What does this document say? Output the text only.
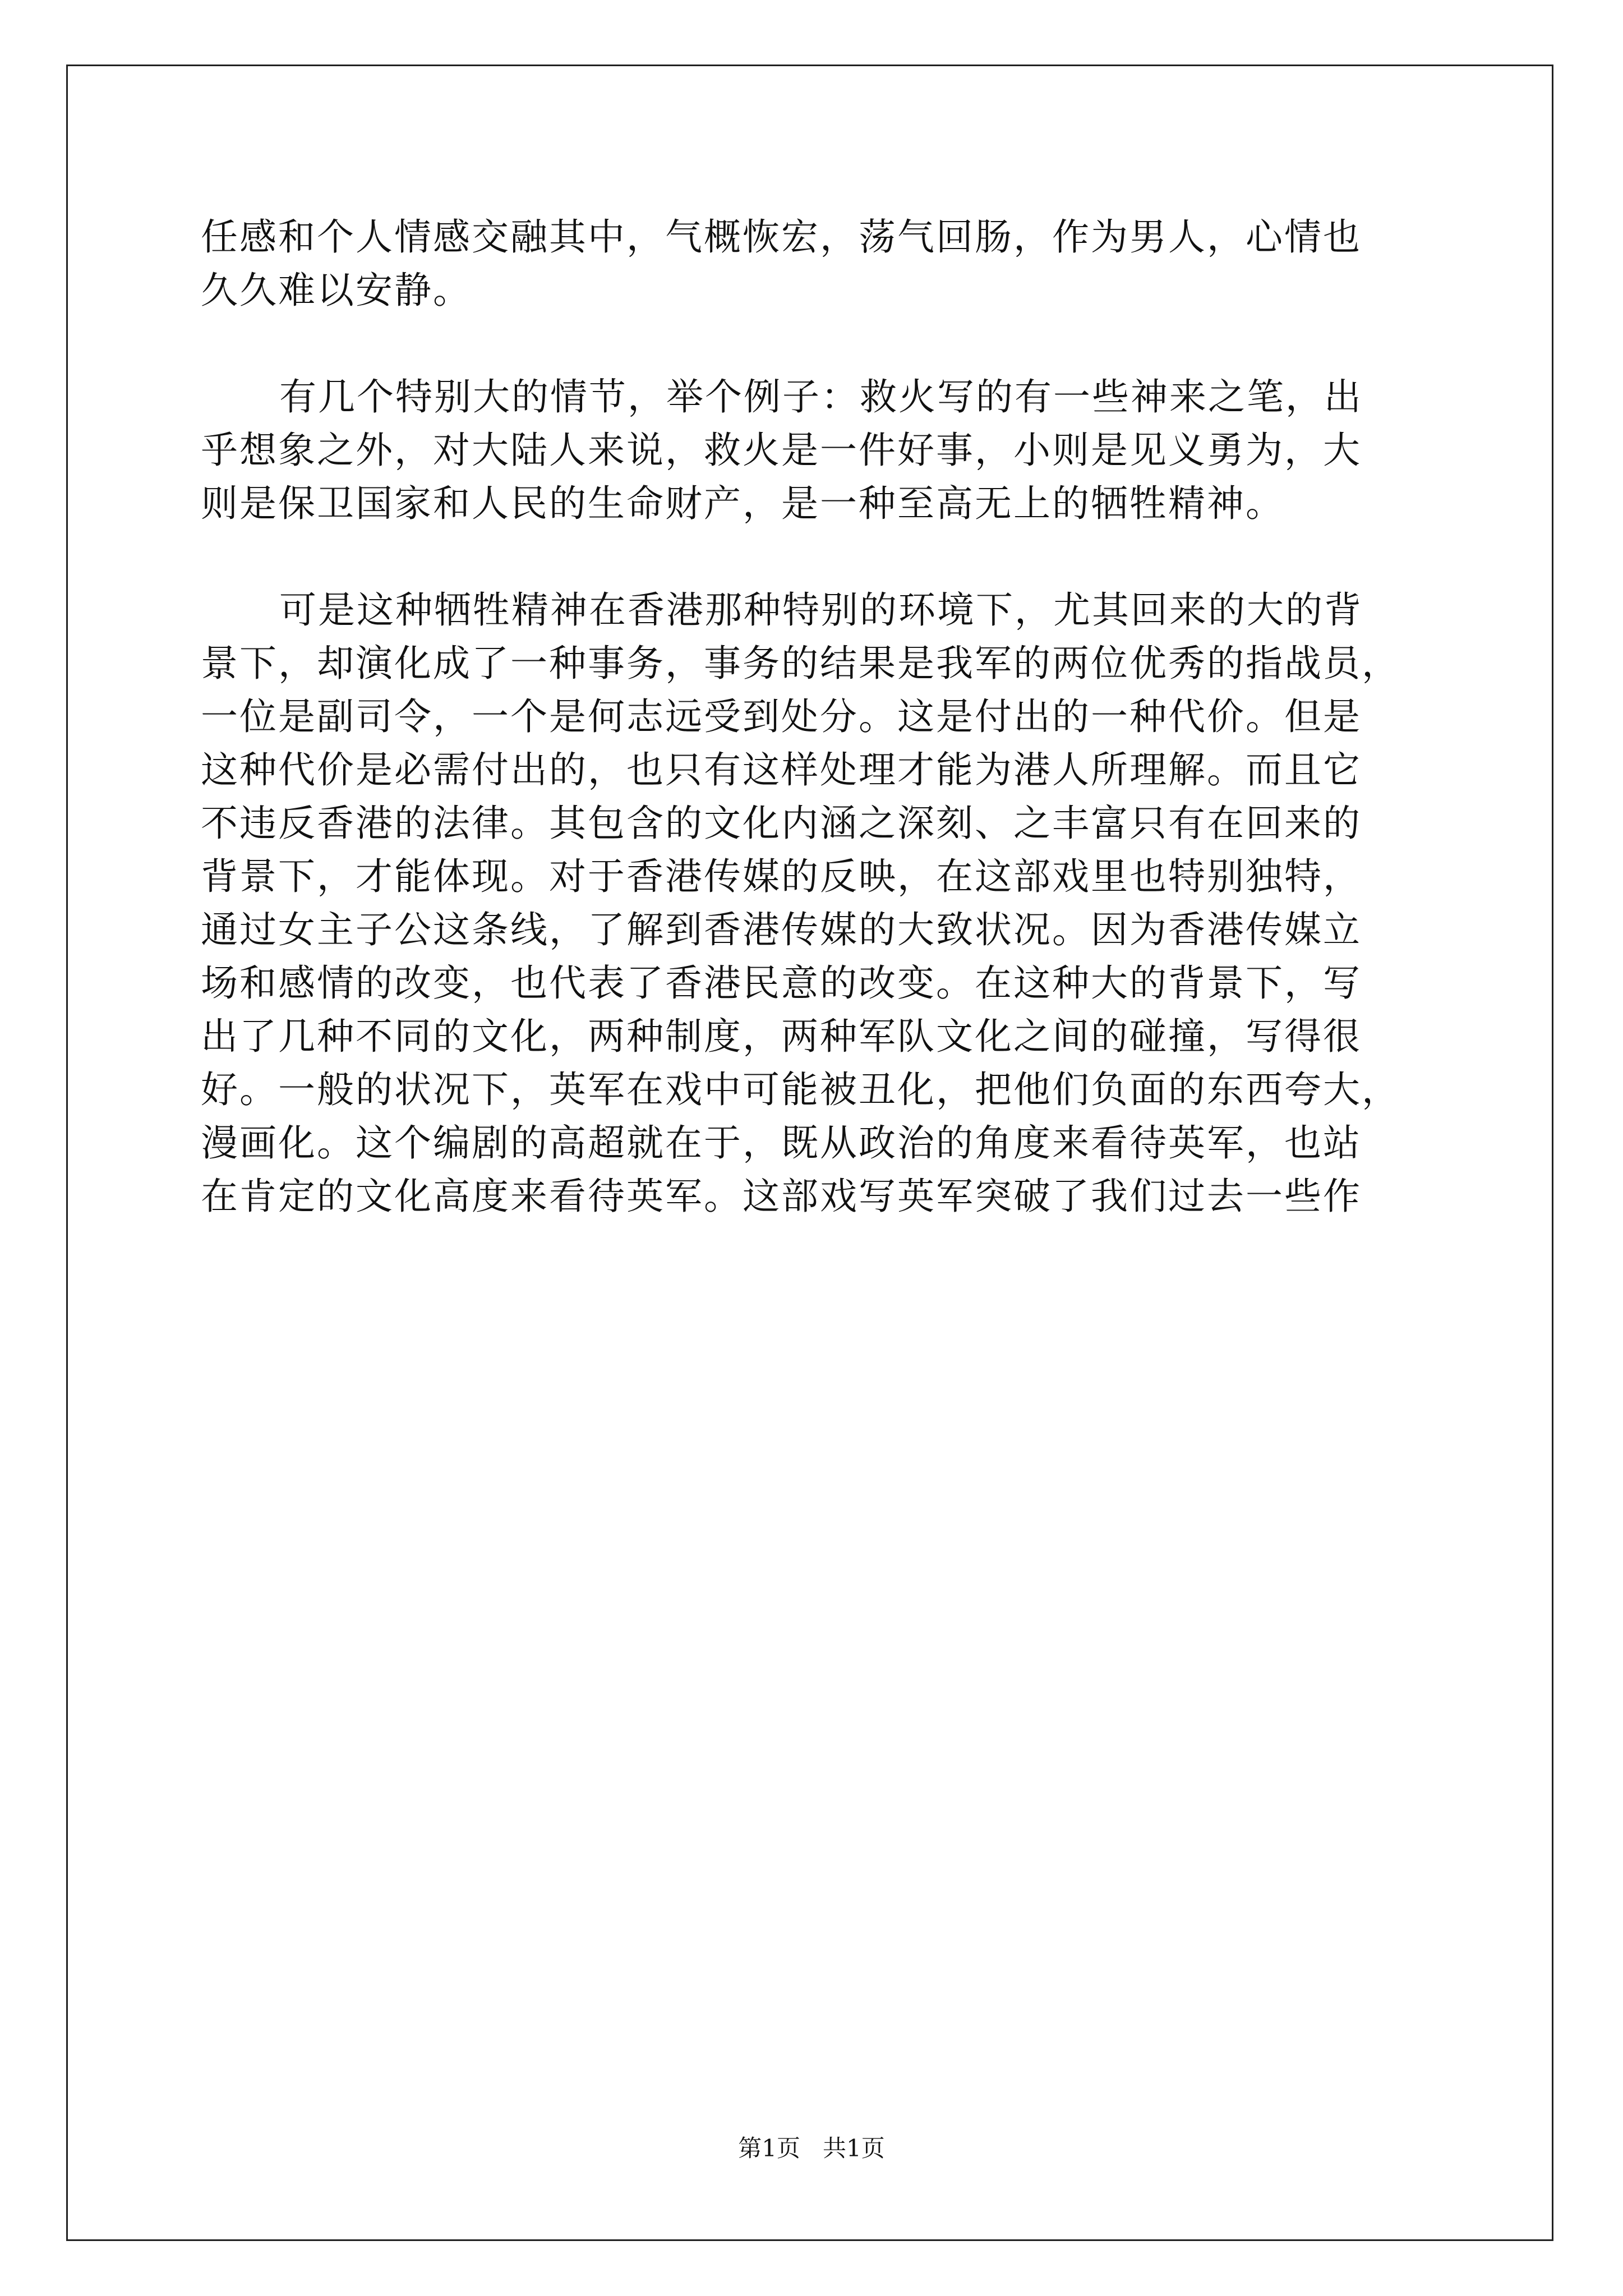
任感和个人情感交融其中，气概恢宏，荡气回肠，作为男人，心情也
久久难以安静。
有几个特别大的情节，举个例子：救火写的有一些神来之笔，出
乎想象之外，对大陆人来说，救火是一件好事，小则是见义勇为，大
则是保卫国家和人民的生命财产，是一种至高无上的牺牲精神。
可是这种牺牲精神在香港那种特别的环境下，尤其回来的大的背
景下，却演化成了一种事务，事务的结果是我军的两位优秀的指战员，
一位是副司令，一个是何志远受到处分。这是付出的一种代价。但是
这种代价是必需付出的，也只有这样处理才能为港人所理解。而且它
不违反香港的法律。其包含的文化内涵之深刻、之丰富只有在回来的
背景下，才能体现。对于香港传媒的反映，在这部戏里也特别独特，
通过女主子公这条线，了解到香港传媒的大致状况。因为香港传媒立
场和感情的改变，也代表了香港民意的改变。在这种大的背景下，写
出了几种不同的文化，两种制度，两种军队文化之间的碰撞，写得很
好。一般的状况下，英军在戏中可能被丑化，把他们负面的东西夸大，
漫画化。这个编剧的高超就在于，既从政治的角度来看待英军，也站
在肯定的文化高度来看待英军。这部戏写英军突破了我们过去一些作
第1页   共1页
